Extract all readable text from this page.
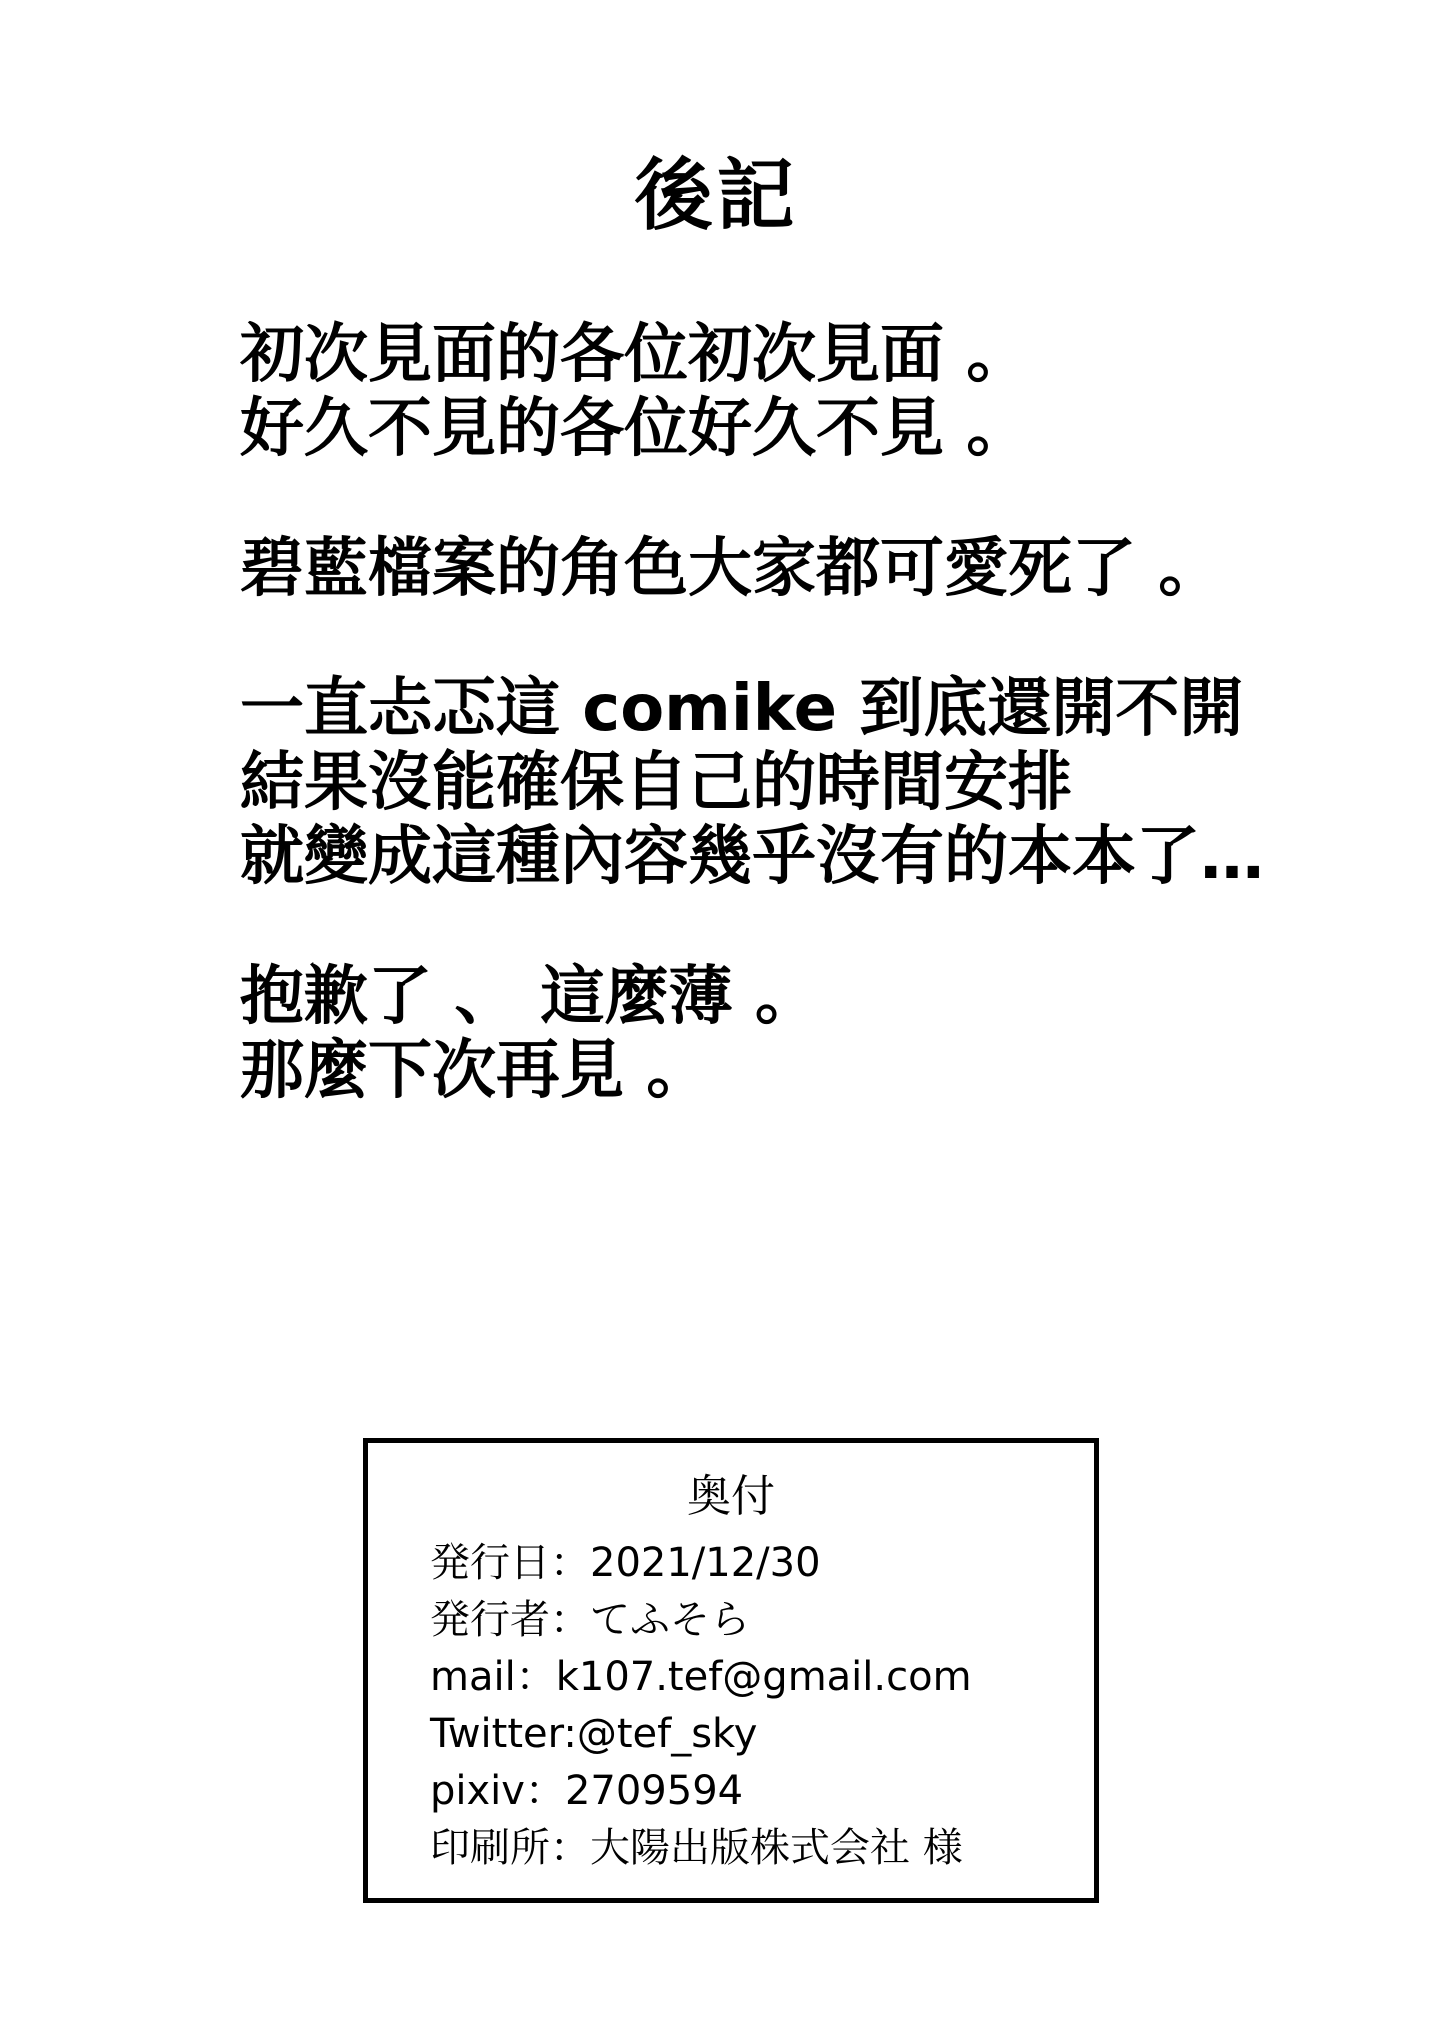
後記
初次見面的各位初次見面 。
好久不見的各位好久不見 。
碧藍檔案的角色大家都可愛死了 。
一直忐忑這 comike 到底還開不開
結果沒能確保自己的時間安排
就變成這種內容幾乎沒有的本本了…
抱歉了 、 這麼薄 。
那麼下次再見 。
奥付
発行日：2021/12/30
発行者：てふそら
mail：k107.tef@gmail.com
Twitter:@tef_sky
pixiv：2709594
印刷所：大陽出版株式会社 様
